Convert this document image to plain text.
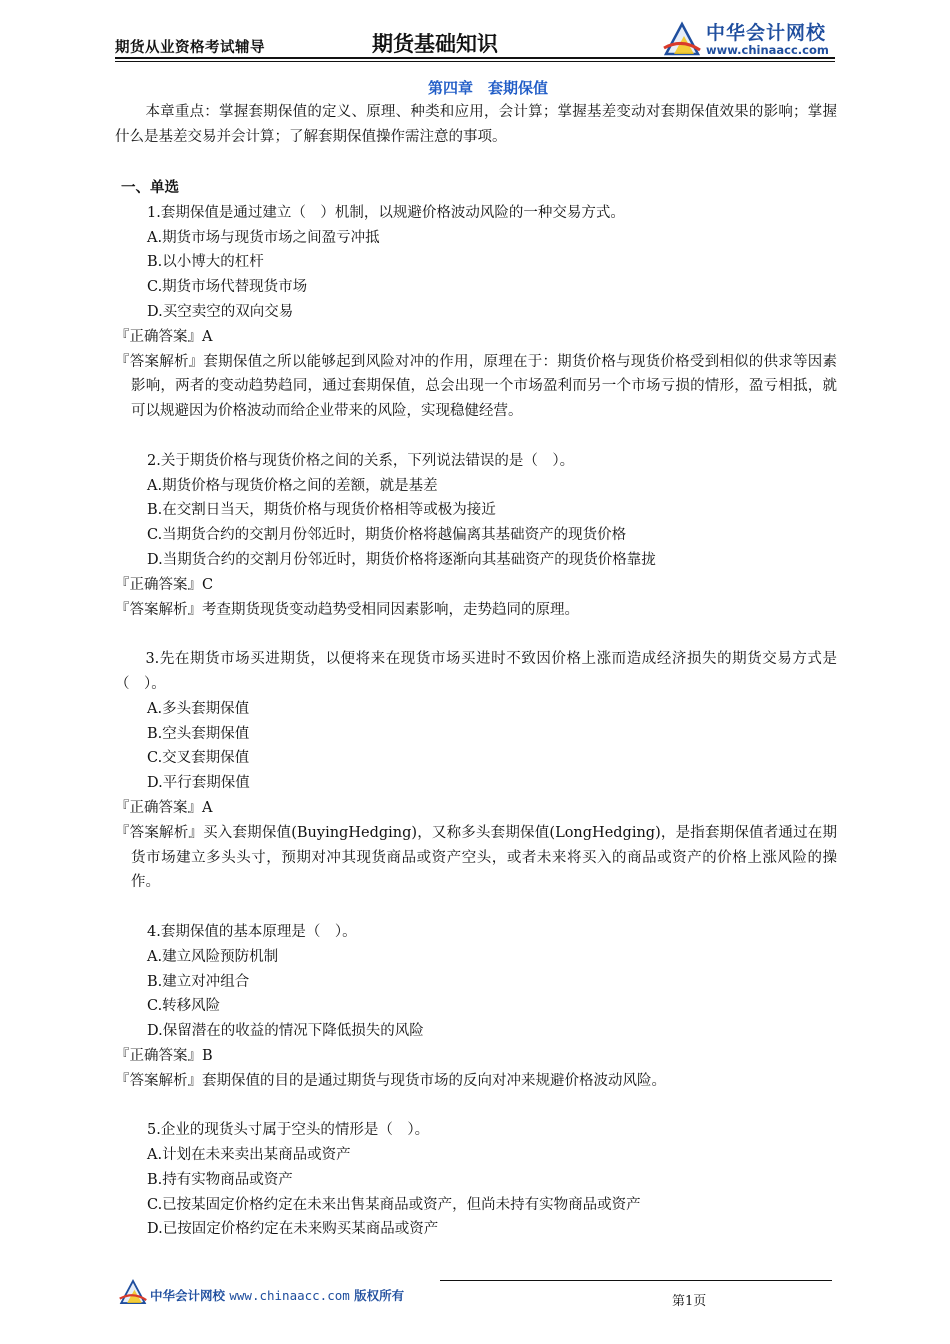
期货从业资格考试辅导	期货基础知识	中华会计网校
www.chinaacc.com
第四章　套期保值
本章重点：掌握套期保值的定义、原理、种类和应用，会计算；掌握基差变动对套期保值效果的影响；掌握什么是基差交易并会计算；了解套期保值操作需注意的事项。
一、单选
1.套期保值是通过建立（　）机制，以规避价格波动风险的一种交易方式。
A.期货市场与现货市场之间盈亏冲抵
B.以小博大的杠杆
C.期货市场代替现货市场
D.买空卖空的双向交易
『正确答案』A
『答案解析』套期保值之所以能够起到风险对冲的作用，原理在于：期货价格与现货价格受到相似的供求等因素影响，两者的变动趋势趋同，通过套期保值，总会出现一个市场盈利而另一个市场亏损的情形，盈亏相抵，就可以规避因为价格波动而给企业带来的风险，实现稳健经营。
2.关于期货价格与现货价格之间的关系，下列说法错误的是（　）。
A.期货价格与现货价格之间的差额，就是基差
B.在交割日当天，期货价格与现货价格相等或极为接近
C.当期货合约的交割月份邻近时，期货价格将越偏离其基础资产的现货价格
D.当期货合约的交割月份邻近时，期货价格将逐渐向其基础资产的现货价格靠拢
『正确答案』C
『答案解析』考查期货现货变动趋势受相同因素影响，走势趋同的原理。
3.先在期货市场买进期货，以便将来在现货市场买进时不致因价格上涨而造成经济损失的期货交易方式是（　）。
A.多头套期保值
B.空头套期保值
C.交叉套期保值
D.平行套期保值
『正确答案』A
『答案解析』买入套期保值(BuyingHedging)，又称多头套期保值(LongHedging)，是指套期保值者通过在期货市场建立多头头寸，预期对冲其现货商品或资产空头，或者未来将买入的商品或资产的价格上涨风险的操作。
4.套期保值的基本原理是（　）。
A.建立风险预防机制
B.建立对冲组合
C.转移风险
D.保留潜在的收益的情况下降低损失的风险
『正确答案』B
『答案解析』套期保值的目的是通过期货与现货市场的反向对冲来规避价格波动风险。
5.企业的现货头寸属于空头的情形是（　）。
A.计划在未来卖出某商品或资产
B.持有实物商品或资产
C.已按某固定价格约定在未来出售某商品或资产，但尚未持有实物商品或资产
D.已按固定价格约定在未来购买某商品或资产
中华会计网校 www.chinaacc.com 版权所有	第1页
